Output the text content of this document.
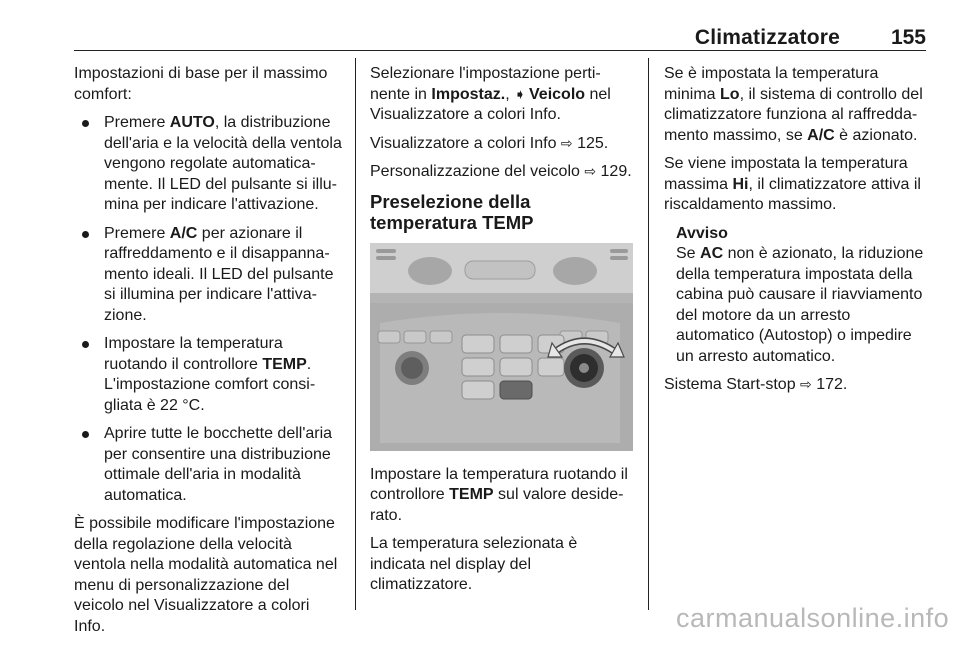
Climatizzatore 155

Impostazioni di base per il massimo comfort:

Premere AUTO, la distribuzione dell'aria e la velocità della ventola vengono regolate automaticamente. Il LED del pulsante si illumina per indicare l'attivazione.
Premere A/C per azionare il raffreddamento e il disappannamento ideali. Il LED del pulsante si illumina per indicare l'attivazione.
Impostare la temperatura ruotando il controllore TEMP. L'impostazione comfort consigliata è 22 °C.
Aprire tutte le bocchette dell'aria per consentire una distribuzione ottimale dell'aria in modalità automatica.

È possibile modificare l'impostazione della regolazione della velocità ventola nella modalità automatica nel menu di personalizzazione del veicolo nel Visualizzatore a colori Info.

Selezionare l'impostazione pertinente in Impostaz., ➧  Veicolo nel Visualizzatore a colori Info.

Visualizzatore a colori Info ⇨ 125.

Personalizzazione del veicolo ⇨ 129.

Preselezione della temperatura TEMP

Impostare la temperatura ruotando il controllore TEMP sul valore desiderato.

La temperatura selezionata è indicata nel display del climatizzatore.

Se è impostata la temperatura minima Lo, il sistema di controllo del climatizzatore funziona al raffreddamento massimo, se A/C è azionato.

Se viene impostata la temperatura massima Hi, il climatizzatore attiva il riscaldamento massimo.

Avviso
Se AC non è azionato, la riduzione della temperatura impostata della cabina può causare il riavviamento del motore da un arresto automatico (Autostop) o impedire un arresto automatico.

Sistema Start-stop ⇨ 172.

carmanualsonline.info
